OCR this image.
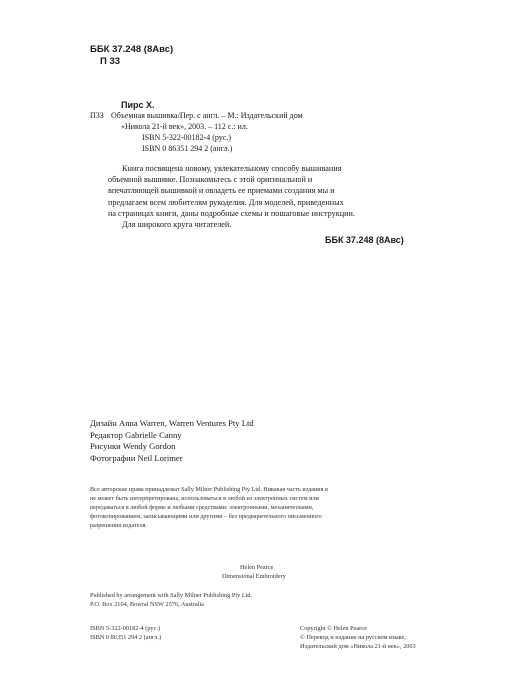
ББК 37.248 (8Авс)
П 33
Пирс Х.
П33 Объемная вышивка/Пер. с англ. – М.: Издательский дом
«Никола 21-й век», 2003. – 112 с.: ил.
ISBN 5-322-00182-4 (рус.)
ISBN 0 86351 294 2 (англ.)
Книга посвящена новому, увлекательному способу вышивания
объемной вышивке. Познакомьтесь с этой оригинальной и
впечатляющей вышивкой и овладеть ее приемами создания мы и
предлагаем всем любителям рукоделия. Для моделей, приведенных
на страницах книги, даны подробные схемы и пошаговые инструкции.
Для широкого круга читателей.
ББК 37.248 (8Авс)
Дизайн Anna Warren, Warren Ventures Pty Ltd
Редактор Gabrielle Canny
Рисунки Wendy Gordon
Фотографии Neil Lorimer
Все авторские права принадлежат Sally Milner Publishing Pty Ltd. Никакая часть издания в
не может быть интерпретирована, использоваться в любой из электронных систем или
передаваться в любой форме и любыми средствами: электронными, механическими,
фотокопированием, записывающими или другими – без предварительного письменного
разрешения издателя.
Helen Pearce
Dimensional Embroidery
Published by arrangement with Sally Milner Publishing Pty Ltd.
P.O. Box 2104, Bowral NSW 2576, Australia
ISBN 5-322-00182-4 (рус.)
ISBN 0 86351 294 2 (англ.)
Copyright © Helen Pearce
© Перевод и издание на русском языке,
Издательский дом «Никола 21-й век», 2003
